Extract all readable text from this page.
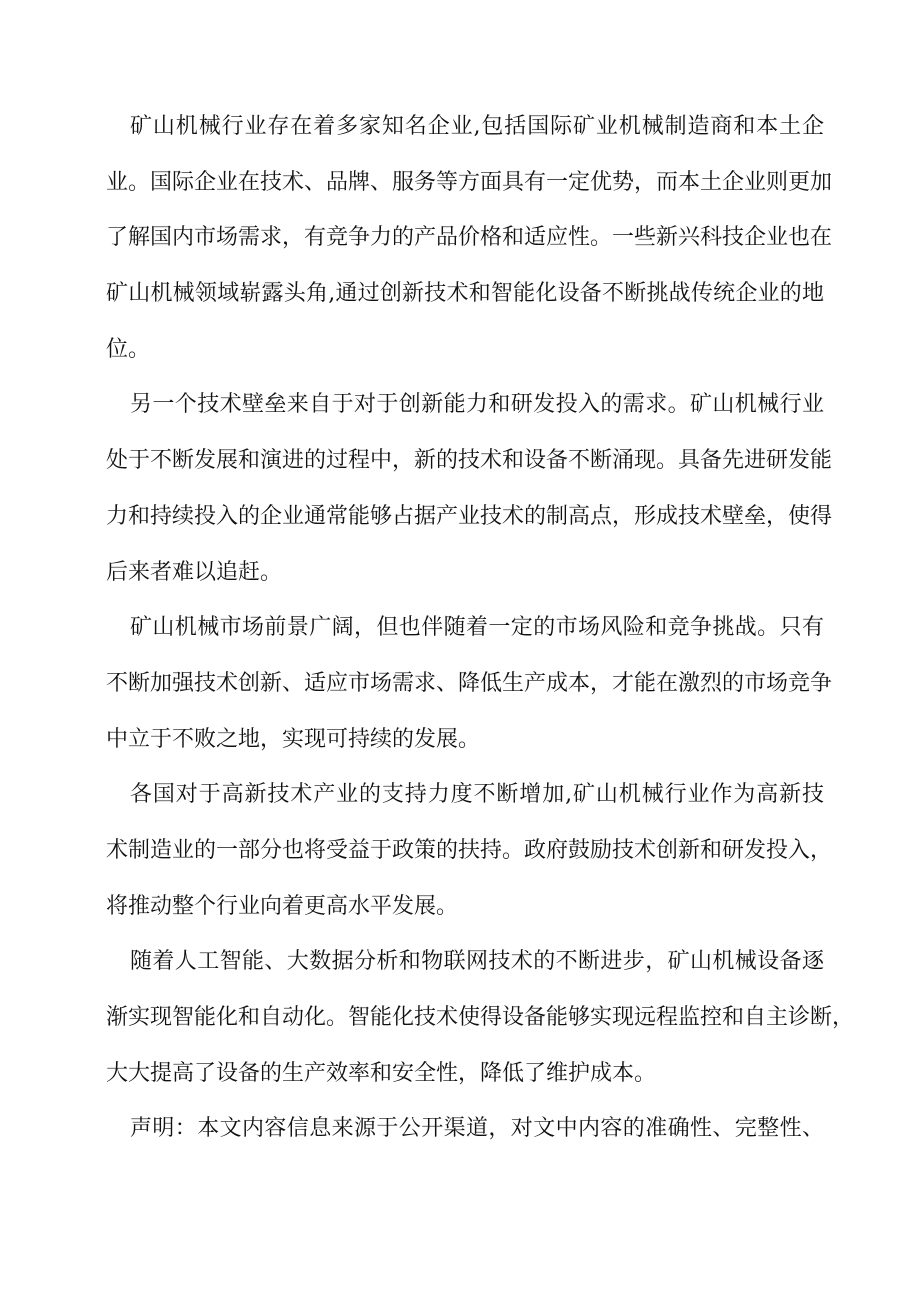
矿山机械行业存在着多家知名企业,包括国际矿业机械制造商和本土企
业。国际企业在技术、品牌、服务等方面具有一定优势，而本土企业则更加
了解国内市场需求，有竞争力的产品价格和适应性。一些新兴科技企业也在
矿山机械领域崭露头角,通过创新技术和智能化设备不断挑战传统企业的地
位。
另一个技术壁垒来自于对于创新能力和研发投入的需求。矿山机械行业
处于不断发展和演进的过程中，新的技术和设备不断涌现。具备先进研发能
力和持续投入的企业通常能够占据产业技术的制高点，形成技术壁垒，使得
后来者难以追赶。
矿山机械市场前景广阔，但也伴随着一定的市场风险和竞争挑战。只有
不断加强技术创新、适应市场需求、降低生产成本，才能在激烈的市场竞争
中立于不败之地，实现可持续的发展。
各国对于高新技术产业的支持力度不断增加,矿山机械行业作为高新技
术制造业的一部分也将受益于政策的扶持。政府鼓励技术创新和研发投入，
将推动整个行业向着更高水平发展。
随着人工智能、大数据分析和物联网技术的不断进步，矿山机械设备逐
渐实现智能化和自动化。智能化技术使得设备能够实现远程监控和自主诊断，
大大提高了设备的生产效率和安全性，降低了维护成本。
声明：本文内容信息来源于公开渠道，对文中内容的准确性、完整性、
